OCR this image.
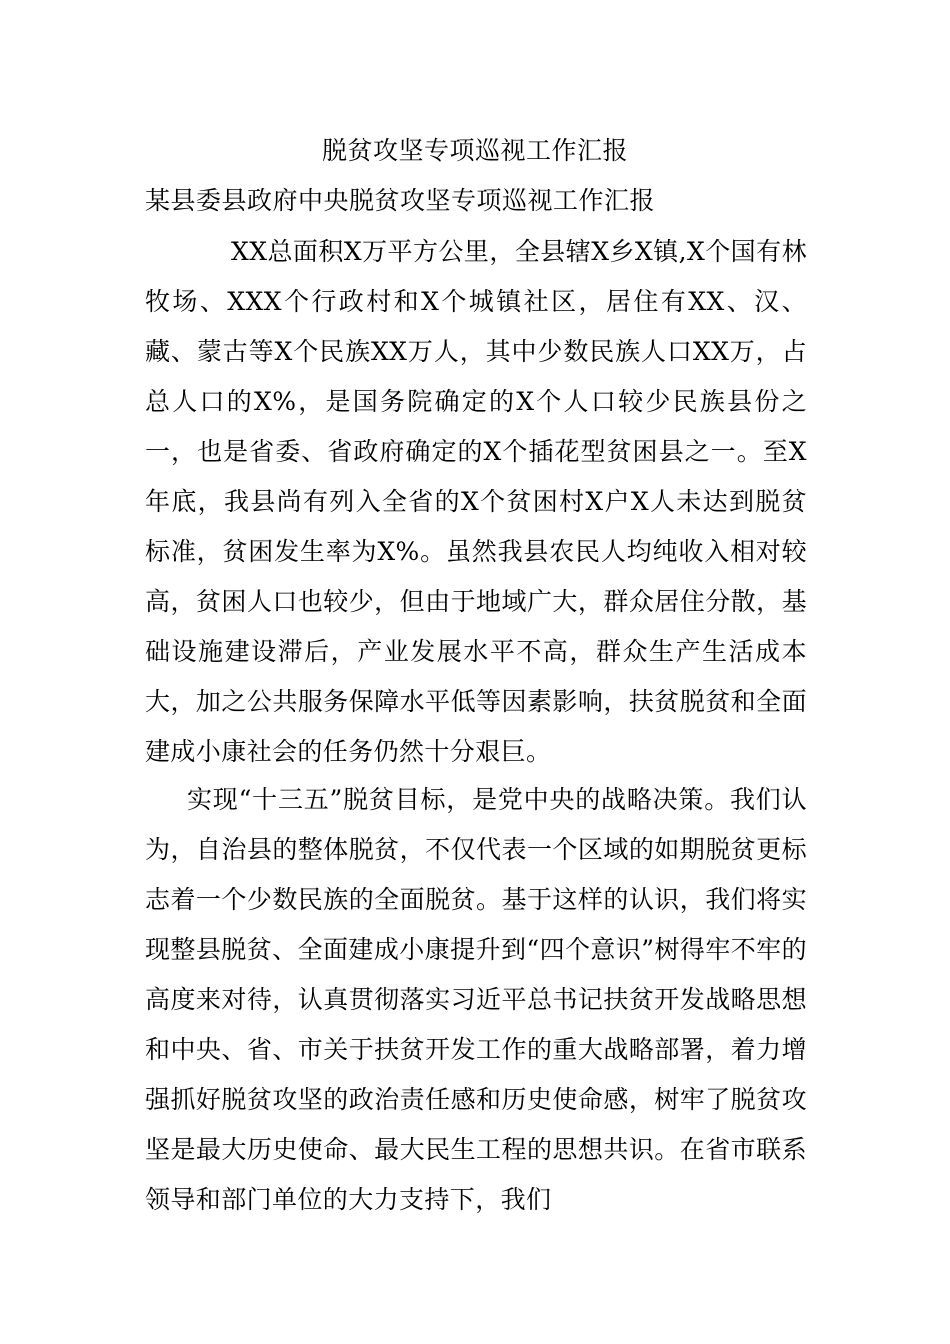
脱贫攻坚专项巡视工作汇报
某县委县政府中央脱贫攻坚专项巡视工作汇报

XX总面积X万平方公里，全县辖X乡X镇,X个国有林牧场、XXX个行政村和X个城镇社区，居住有XX、汉、藏、蒙古等X个民族XX万人，其中少数民族人口XX万，占总人口的X%，是国务院确定的X个人口较少民族县份之一，也是省委、省政府确定的X个插花型贫困县之一。至X年底，我县尚有列入全省的X个贫困村X户X人未达到脱贫标准，贫困发生率为X%。虽然我县农民人均纯收入相对较高，贫困人口也较少，但由于地域广大，群众居住分散，基础设施建设滞后，产业发展水平不高，群众生产生活成本大，加之公共服务保障水平低等因素影响，扶贫脱贫和全面建成小康社会的任务仍然十分艰巨。

实现“十三五”脱贫目标，是党中央的战略决策。我们认为，自治县的整体脱贫，不仅代表一个区域的如期脱贫更标志着一个少数民族的全面脱贫。基于这样的认识，我们将实现整县脱贫、全面建成小康提升到“四个意识”树得牢不牢的高度来对待，认真贯彻落实习近平总书记扶贫开发战略思想和中央、省、市关于扶贫开发工作的重大战略部署，着力增强抓好脱贫攻坚的政治责任感和历史使命感，树牢了脱贫攻坚是最大历史使命、最大民生工程的思想共识。在省市联系领导和部门单位的大力支持下，我们
